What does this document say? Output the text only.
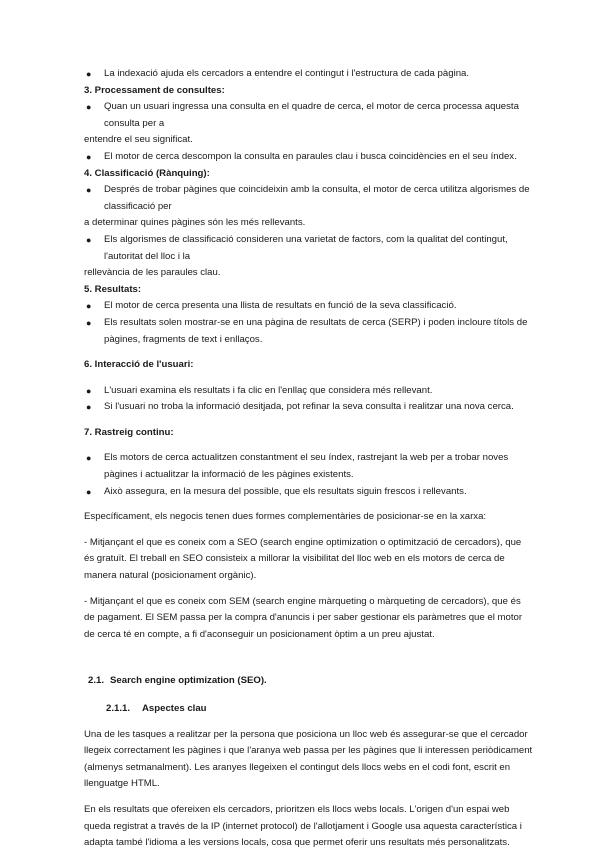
● La indexació ajuda els cercadors a entendre el contingut i l'estructura de cada pàgina.
3. Processament de consultes:
● Quan un usuari ingressa una consulta en el quadre de cerca, el motor de cerca processa aquesta consulta per a
entendre el seu significat.
● El motor de cerca descompon la consulta en paraules clau i busca coincidències en el seu índex.
4. Classificació (Rànquing):
● Després de trobar pàgines que coincideixin amb la consulta, el motor de cerca utilitza algorismes de classificació per
a determinar quines pàgines són les més rellevants.
● Els algorismes de classificació consideren una varietat de factors, com la qualitat del contingut, l'autoritat del lloc i la
rellevància de les paraules clau.
5. Resultats:
● El motor de cerca presenta una llista de resultats en funció de la seva classificació.
● Els resultats solen mostrar-se en una pàgina de resultats de cerca (SERP) i poden incloure títols de pàgines, fragments de text i enllaços.
6. Interacció de l'usuari:
● L'usuari examina els resultats i fa clic en l'enllaç que considera més rellevant.
● Si l'usuari no troba la informació desitjada, pot refinar la seva consulta i realitzar una nova cerca.
7. Rastreig continu:
● Els motors de cerca actualitzen constantment el seu índex, rastrejant la web per a trobar noves pàgines i actualitzar la informació de les pàgines existents.
● Això assegura, en la mesura del possible, que els resultats siguin frescos i rellevants.
Específicament, els negocis tenen dues formes complementàries de posicionar-se en la xarxa:
- Mitjançant el que es coneix com a SEO (search engine optimization o optimització de cercadors), que és gratuït. El treball en SEO consisteix a millorar la visibilitat del lloc web en els motors de cerca de manera natural (posicionament orgànic).
- Mitjançant el que es coneix com SEM (search engine màrqueting o màrqueting de cercadors), que és de pagament. El SEM passa per la compra d'anuncis i per saber gestionar els paràmetres que el motor de cerca té en compte, a fi d'aconseguir un posicionament òptim a un preu ajustat.
2.1. Search engine optimization (SEO).
2.1.1. Aspectes clau
Una de les tasques a realitzar per la persona que posiciona un lloc web és assegurar-se que el cercador llegeix correctament les pàgines i que l'aranya web passa per les pàgines que li interessen periòdicament (almenys setmanalment). Les aranyes llegeixen el contingut dels llocs webs en el codi font, escrit en llenguatge HTML.
En els resultats que ofereixen els cercadors, prioritzen els llocs webs locals. L'origen d'un espai web queda registrat a través de la IP (internet protocol) de l'allotjament i Google usa aquesta característica i adapta també l'idioma a les versions locals, cosa que permet oferir uns resultats més personalitzats.
